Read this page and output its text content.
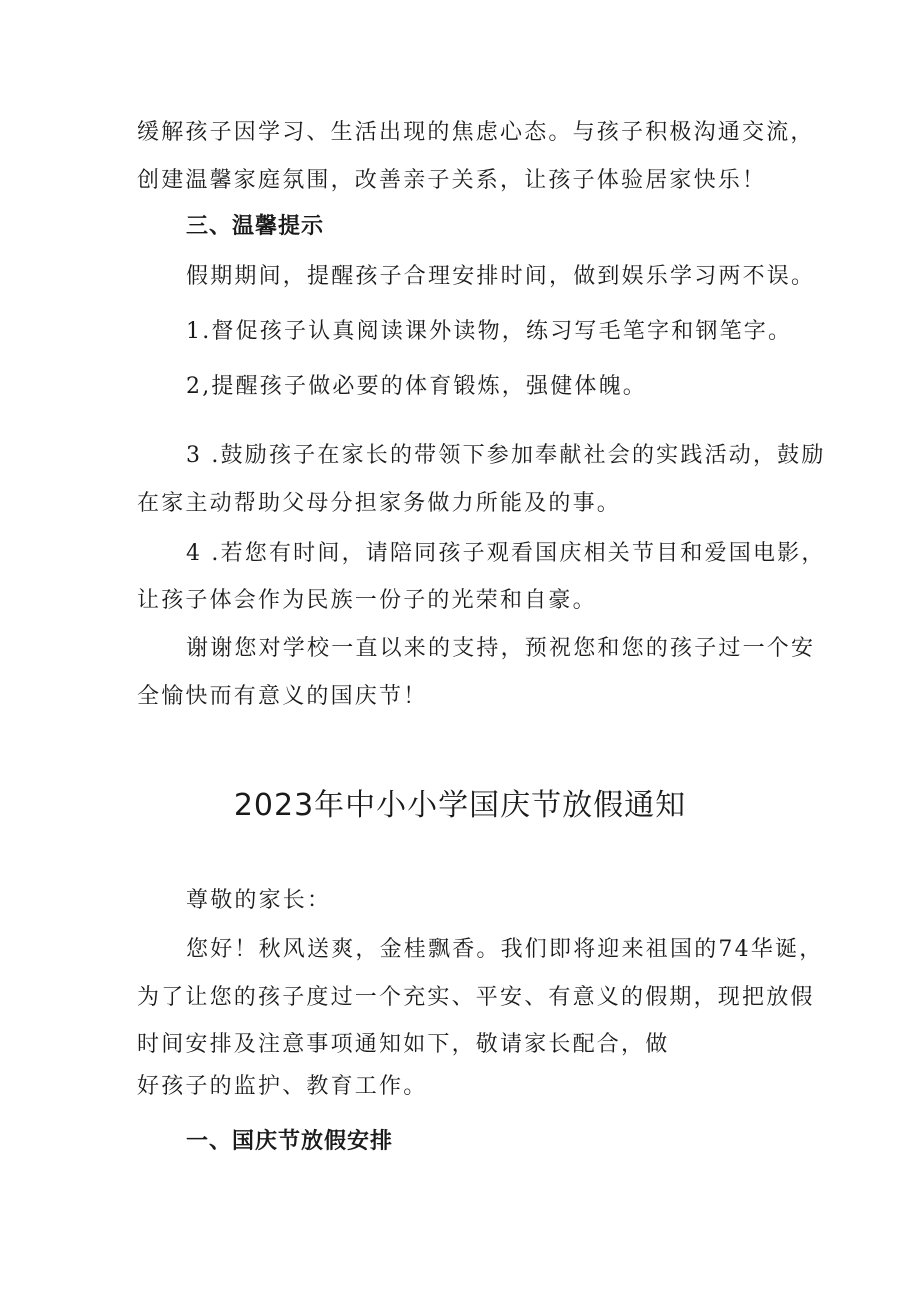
缓解孩子因学习、生活出现的焦虑心态。与孩子积极沟通交流，
创建温馨家庭氛围，改善亲子关系，让孩子体验居家快乐！
三、温馨提示
假期期间，提醒孩子合理安排时间，做到娱乐学习两不误。
1.督促孩子认真阅读课外读物，练习写毛笔字和钢笔字。
2,提醒孩子做必要的体育锻炼，强健体魄。
3 .鼓励孩子在家长的带领下参加奉献社会的实践活动，鼓励
在家主动帮助父母分担家务做力所能及的事。
4 .若您有时间，请陪同孩子观看国庆相关节目和爱国电影，
让孩子体会作为民族一份子的光荣和自豪。
谢谢您对学校一直以来的支持，预祝您和您的孩子过一个安
全愉快而有意义的国庆节！
2023年中小小学国庆节放假通知
尊敬的家长：
您好！秋风送爽，金桂飘香。我们即将迎来祖国的74华诞，
为了让您的孩子度过一个充实、平安、有意义的假期，现把放假
时间安排及注意事项通知如下，敬请家长配合，做
好孩子的监护、教育工作。
一、国庆节放假安排
